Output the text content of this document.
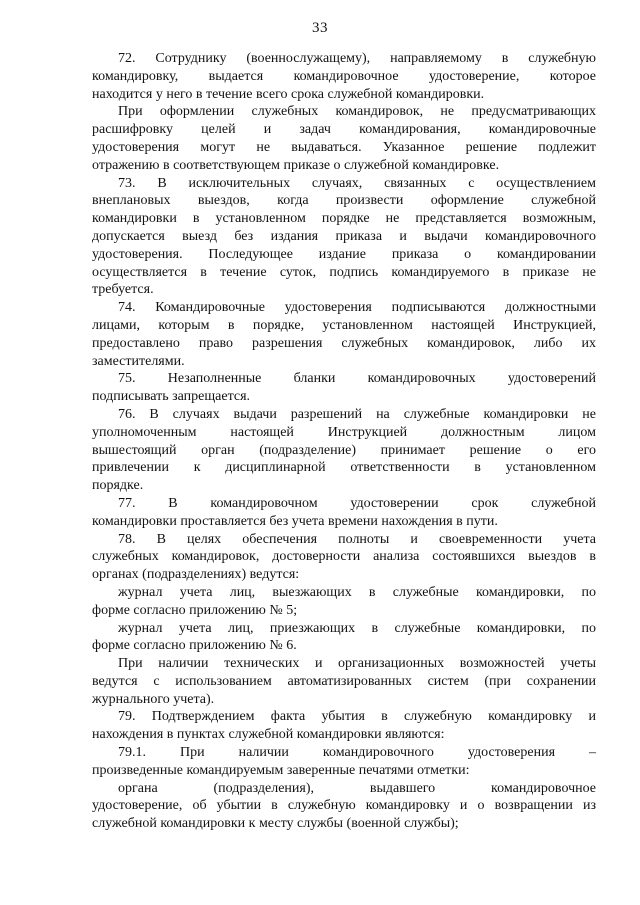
33
72. Сотруднику (военнослужащему), направляемому в служебную
командировку, выдается командировочное удостоверение, которое
находится у него в течение всего срока служебной командировки.
При оформлении служебных командировок, не предусматривающих
расшифровку целей и задач командирования, командировочные
удостоверения могут не выдаваться. Указанное решение подлежит
отражению в соответствующем приказе о служебной командировке.
73. В исключительных случаях, связанных с осуществлением
внеплановых выездов, когда произвести оформление служебной
командировки в установленном порядке не представляется возможным,
допускается выезд без издания приказа и выдачи командировочного
удостоверения. Последующее издание приказа о командировании
осуществляется в течение суток, подпись командируемого в приказе не
требуется.
74. Командировочные удостоверения подписываются должностными
лицами, которым в порядке, установленном настоящей Инструкцией,
предоставлено право разрешения служебных командировок, либо их
заместителями.
75. Незаполненные бланки командировочных удостоверений
подписывать запрещается.
76. В случаях выдачи разрешений на служебные командировки не
уполномоченным настоящей Инструкцией должностным лицом
вышестоящий орган (подразделение) принимает решение о его
привлечении к дисциплинарной ответственности в установленном
порядке.
77. В командировочном удостоверении срок служебной
командировки проставляется без учета времени нахождения в пути.
78. В целях обеспечения полноты и своевременности учета
служебных командировок, достоверности анализа состоявшихся выездов в
органах (подразделениях) ведутся:
журнал учета лиц, выезжающих в служебные командировки, по
форме согласно приложению № 5;
журнал учета лиц, приезжающих в служебные командировки, по
форме согласно приложению № 6.
При наличии технических и организационных возможностей учеты
ведутся с использованием автоматизированных систем (при сохранении
журнального учета).
79. Подтверждением факта убытия в служебную командировку и
нахождения в пунктах служебной командировки являются:
79.1. При наличии командировочного удостоверения –
произведенные командируемым заверенные печатями отметки:
органа (подразделения), выдавшего командировочное
удостоверение, об убытии в служебную командировку и о возвращении из
служебной командировки к месту службы (военной службы);
